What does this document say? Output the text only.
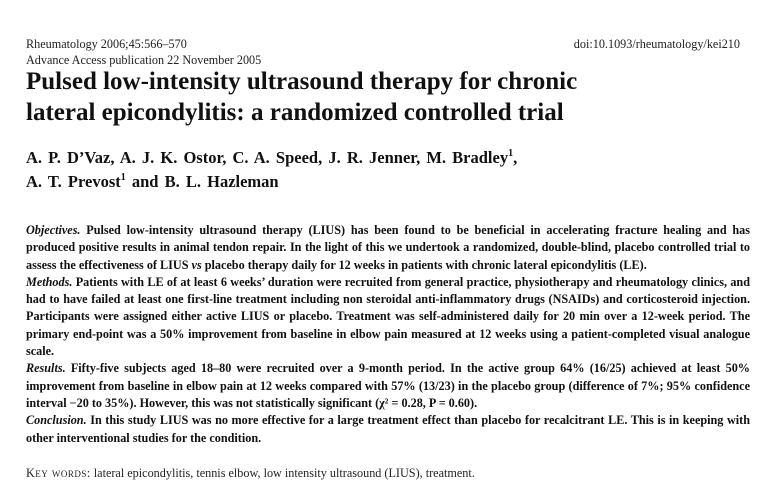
Rheumatology 2006;45:566–570
Advance Access publication 22 November 2005
doi:10.1093/rheumatology/kei210
Pulsed low-intensity ultrasound therapy for chronic
lateral epicondylitis: a randomized controlled trial
A. P. D’Vaz, A. J. K. Ostor, C. A. Speed, J. R. Jenner, M. Bradley$^1$,
A. T. Prevost$^1$ and B. L. Hazleman

Objectives. Pulsed low-intensity ultrasound therapy (LIUS) has been found to be beneficial in accelerating fracture healing and has produced positive results in animal tendon repair. In the light of this we undertook a randomized, double-blind, placebo controlled trial to assess the effectiveness of LIUS vs placebo therapy daily for 12 weeks in patients with chronic lateral epicondylitis (LE).

Methods. Patients with LE of at least 6 weeks’ duration were recruited from general practice, physiotherapy and rheumatology clinics, and had to have failed at least one first-line treatment including non steroidal anti-inflammatory drugs (NSAIDs) and corticosteroid injection. Participants were assigned either active LIUS or placebo. Treatment was self-administered daily for 20 min over a 12-week period. The primary end-point was a 50% improvement from baseline in elbow pain measured at 12 weeks using a patient-completed visual analogue scale.

Results. Fifty-five subjects aged 18–80 were recruited over a 9-month period. In the active group 64% (16/25) achieved at least 50% improvement from baseline in elbow pain at 12 weeks compared with 57% (13/23) in the placebo group (difference of 7%; 95% confidence interval −20 to 35%). However, this was not statistically significant (χ² = 0.28, P = 0.60).

Conclusion. In this study LIUS was no more effective for a large treatment effect than placebo for recalcitrant LE. This is in keeping with other interventional studies for the condition.

Key words: lateral epicondylitis, tennis elbow, low intensity ultrasound (LIUS), treatment.
